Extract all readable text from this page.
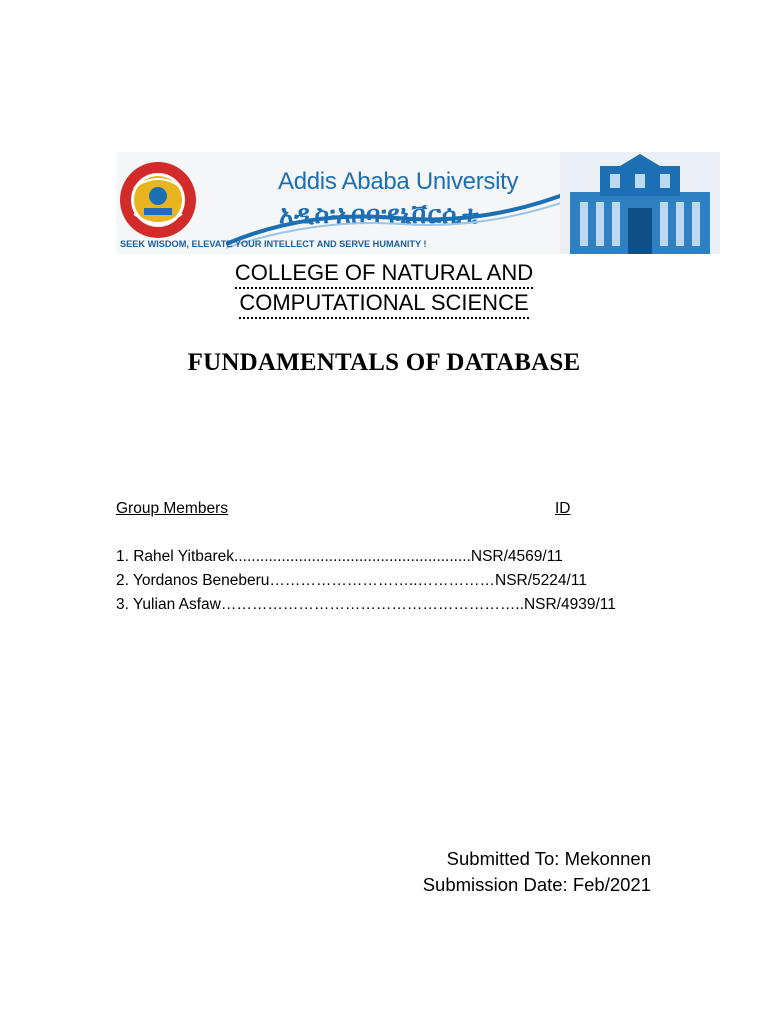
Addis Ababa University
አዲስ፡አበባ፡ዩኒቨርሲቲ
SEEK WISDOM, ELEVATE YOUR INTELLECT AND SERVE HUMANITY !
COLLEGE OF NATURAL AND
COMPUTATIONAL SCIENCE
FUNDAMENTALS OF DATABASE
Group Members	ID
1. Rahel Yitbarek.......................................................NSR/4569/11
2. Yordanos Beneberu………………………..……………NSR/5224/11
3. Yulian Asfaw…………………………………………………..NSR/4939/11
Submitted To: Mekonnen
Submission Date: Feb/2021
